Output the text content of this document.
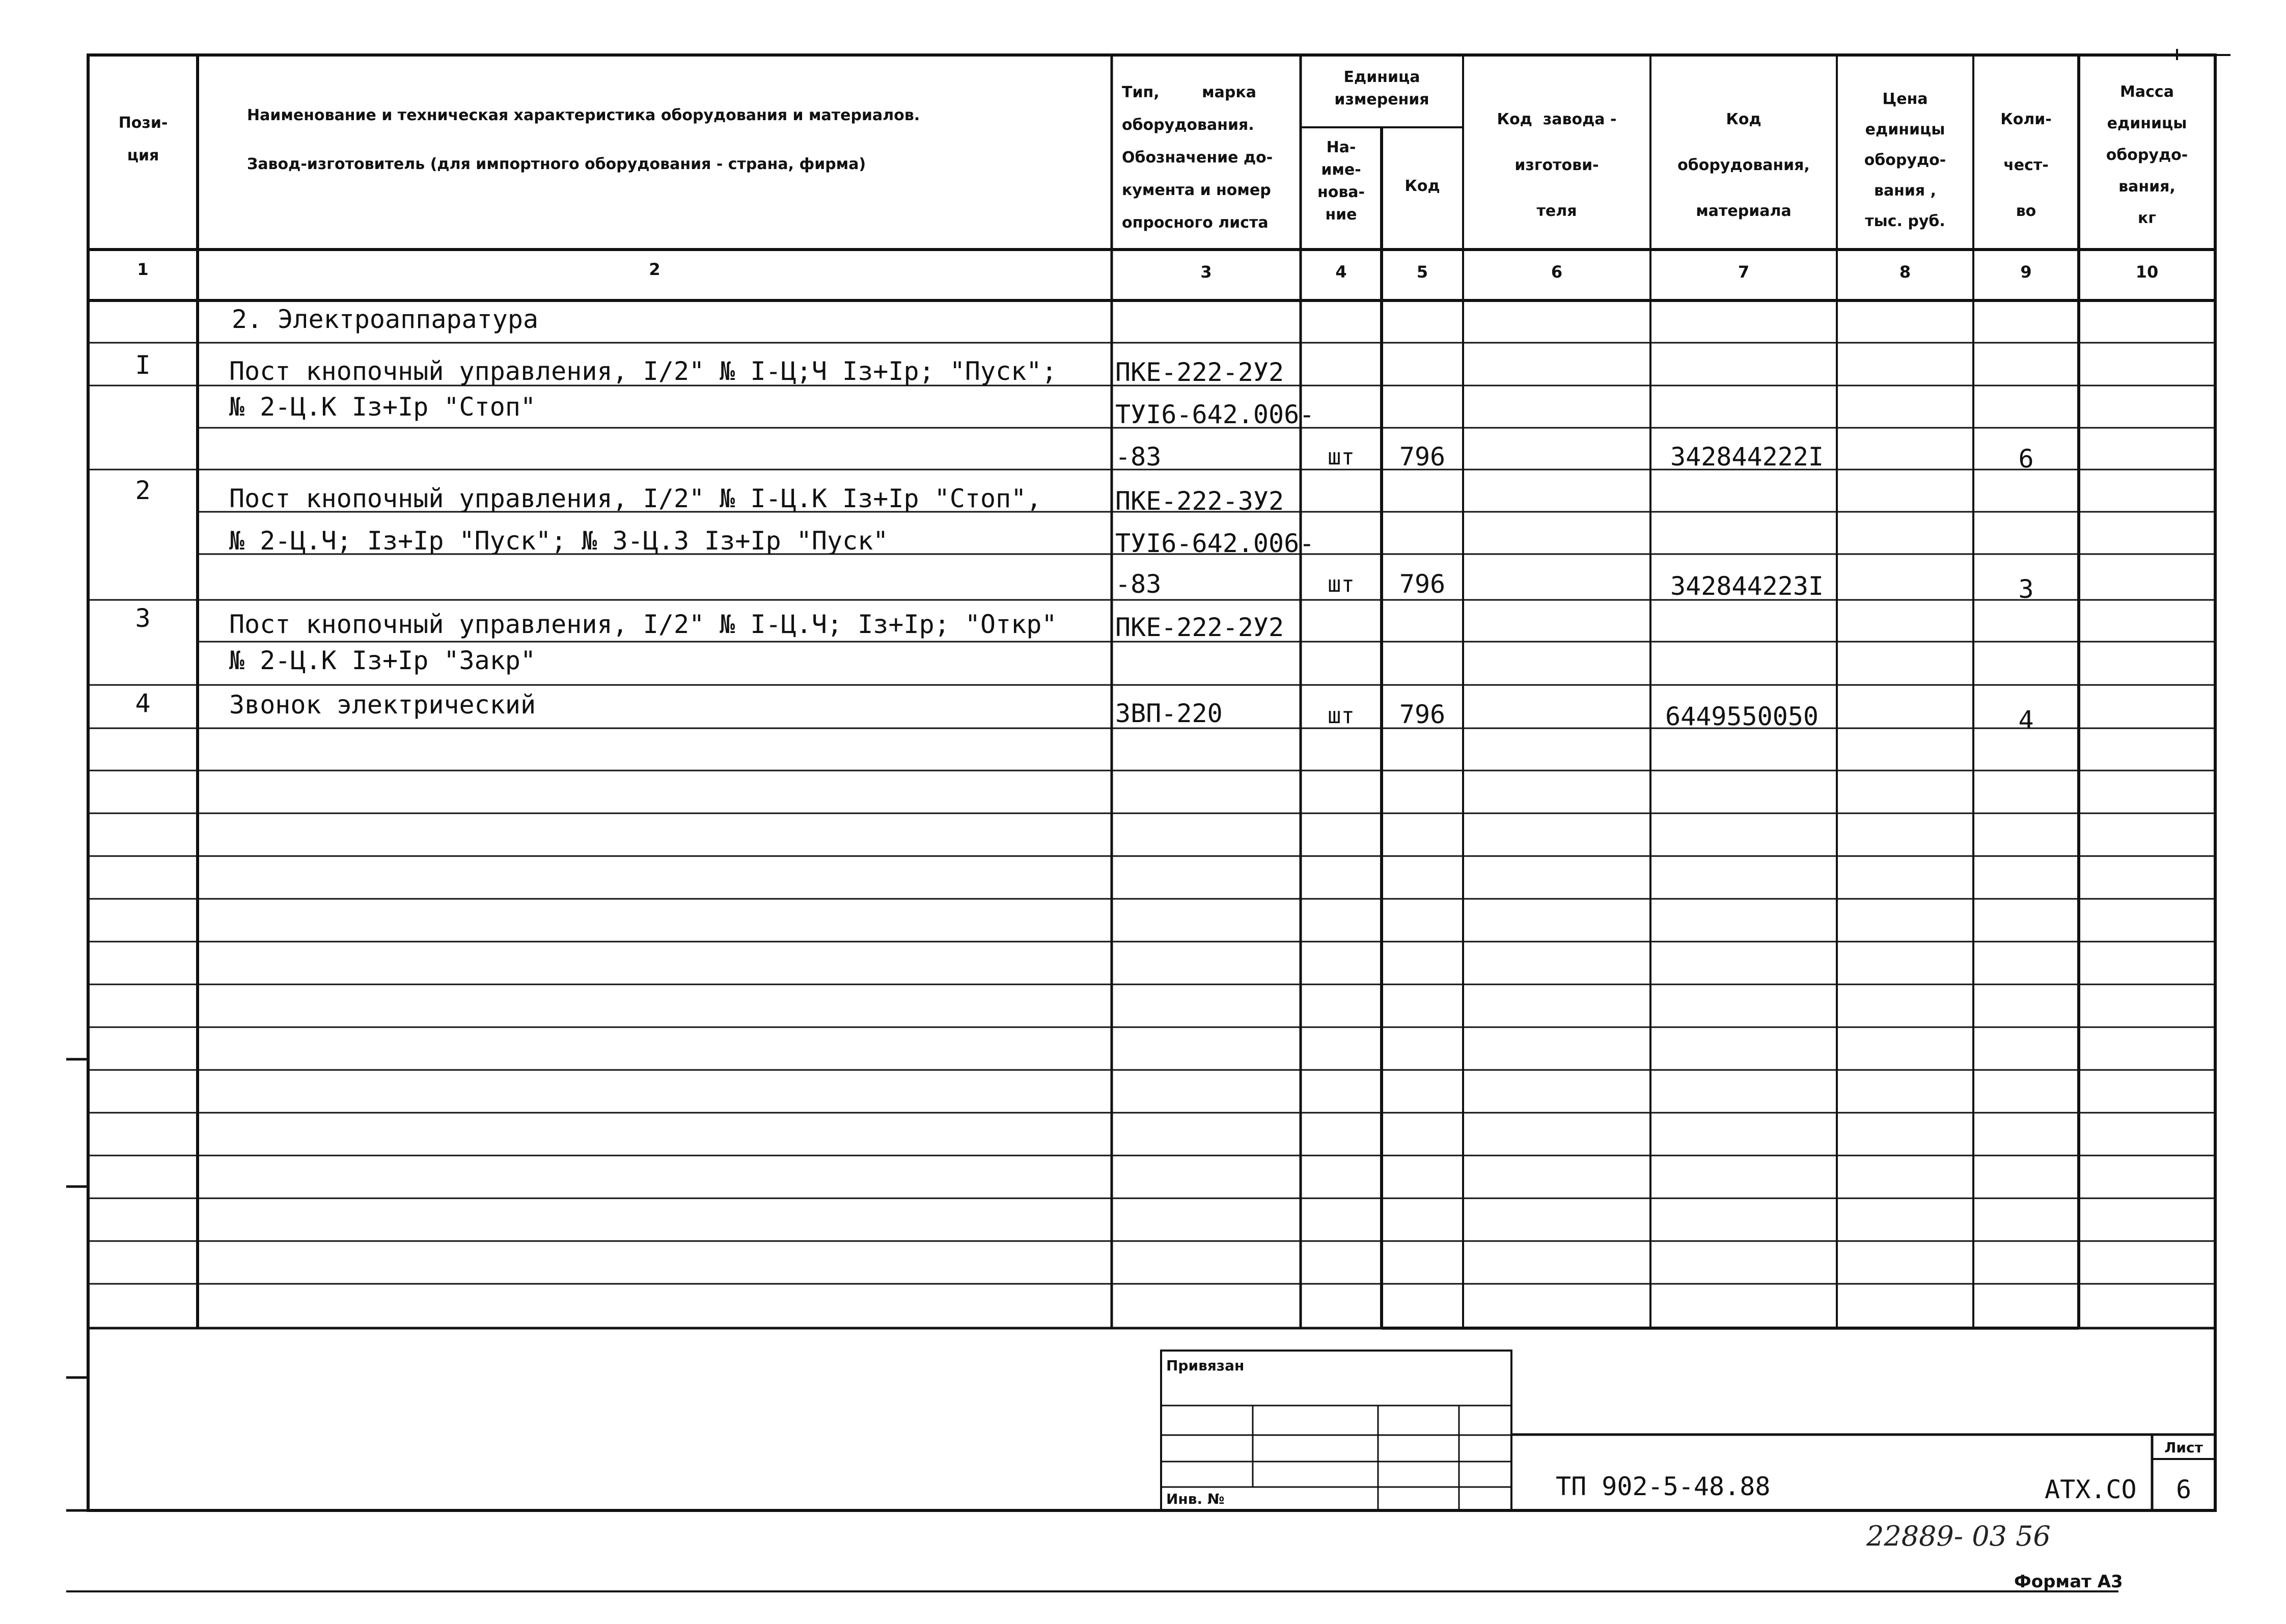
Пози-
ция
Наименование и техническая характеристика оборудования и материалов.
Завод-изготовитель (для импортного оборудования - страна, фирма)
Тип,        марка
оборудования.
Обозначение до-
кумента и номер
опросного листа
Единица
измерения
На-
име-
нова-
ние
Код
Код  завода -
изготови-
теля
Код
оборудования,
материала
Цена
единицы
оборудо-
вания ,
тыс. руб.
Коли-
чест-
во
Масса
единицы
оборудо-
вания,
кг
1	2	3	4	5	6	7	8	9	10
2. Электроаппаратура
I	Пост кнопочный управления, I/2" № I-Ц;Ч Iз+Iр; "Пуск"; ПКЕ-222-2У2
№ 2-Ц.К Iз+Iр "Стоп"	ТУI6-642.006-
-83	шт	796	342844222I	6
2	Пост кнопочный управления, I/2" № I-Ц.К Iз+Iр "Стоп",	ПКЕ-222-3У2
№ 2-Ц.Ч; Iз+Iр "Пуск"; № 3-Ц.З Iз+Iр "Пуск"	ТУI6-642.006-
-83	шт	796	342844223I	3
3	Пост кнопочный управления, I/2" № I-Ц.Ч; Iз+Iр; "Откр" ПКЕ-222-2У2
№ 2-Ц.К Iз+Iр "Закр"
4	Звонок электрический	ЗВП-220	шт	796	6449550050	4
Привязан
Инв. №	ТП 902-5-48.88	АТХ.СО
Лист
6
22889- 03 56
Формат А3
